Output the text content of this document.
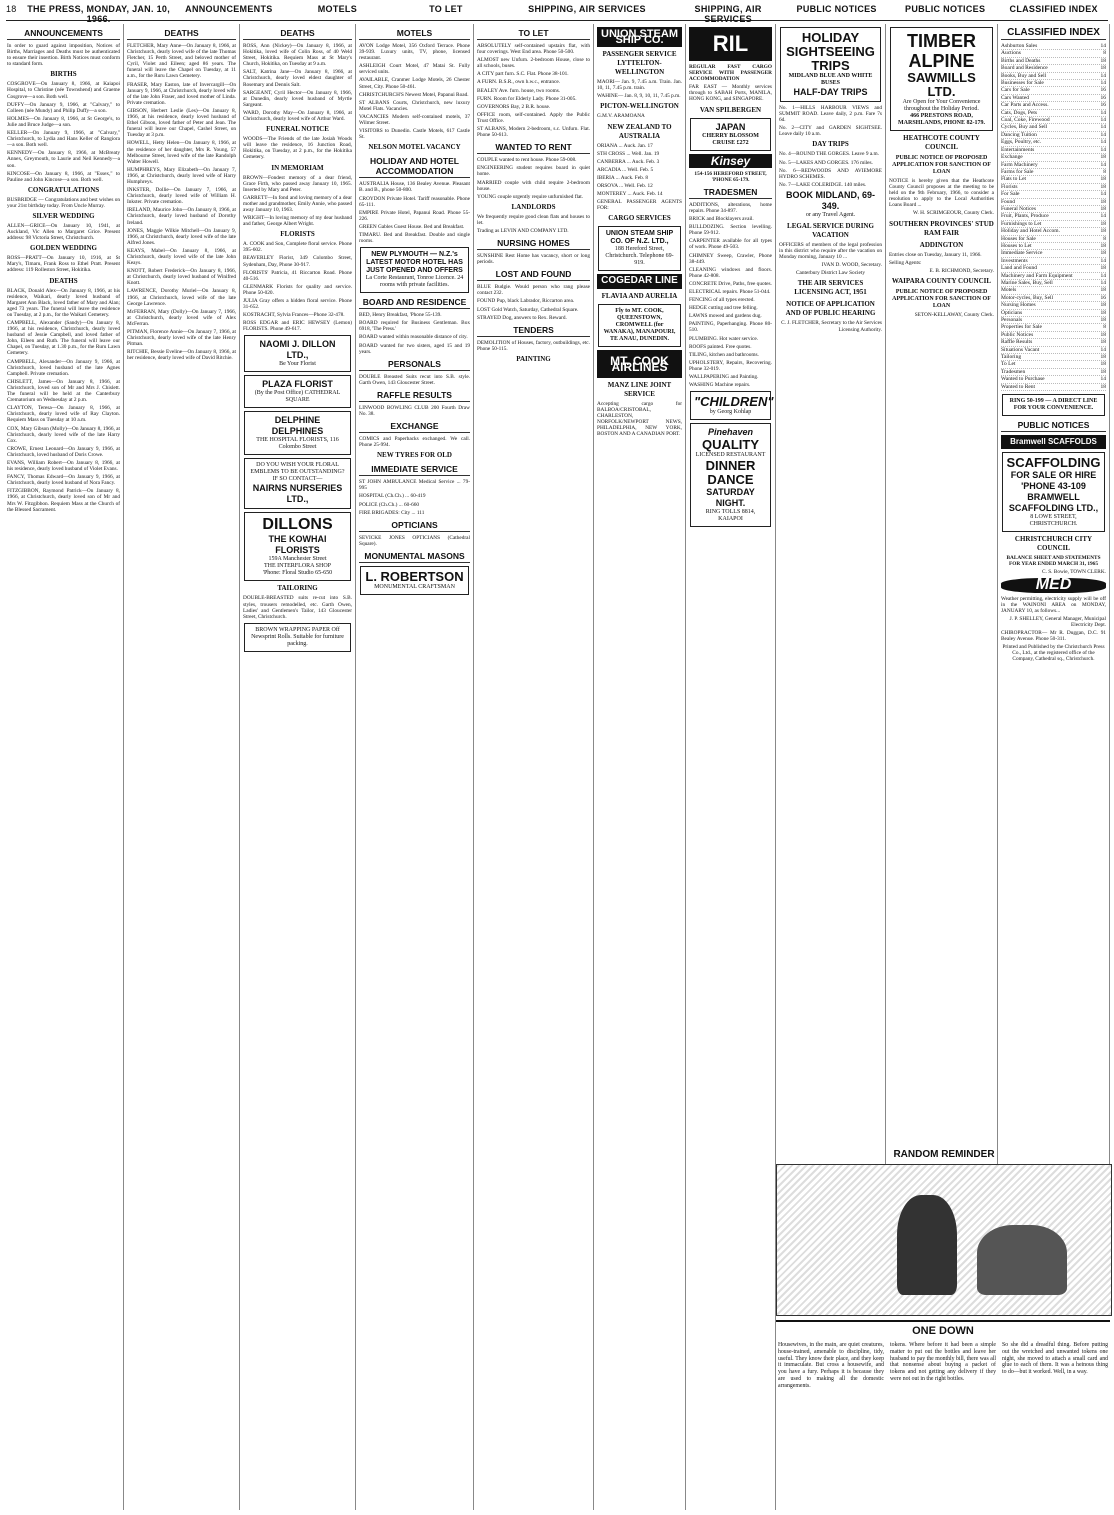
18	THE PRESS, MONDAY, JAN. 10, 1966.
ANNOUNCEMENTS	MOTELS	TO LET	SHIPPING, AIR SERVICES	SHIPPING, AIR SERVICES
PUBLIC NOTICES	PUBLIC NOTICES	CLASSIFIED INDEX
ANNOUNCEMENTS

In order to guard against imposition, Notices of Births, Marriages and Deaths must be authenticated to ensure their insertion. Birth Notices must conform to standard form.

BIRTHS

COSGROVE—On January 8, 1966, at Kaiapoi Hospital, to Christine (née Townshend) and Graeme Cosgrove—a son. Both well.

DUFFY—On January 9, 1966, at "Calvary," to Colleen (née Mundy) and Philip Duffy—a son.

HOLMES—On January 8, 1966, at St George's, to Julie and Bruce Judge—a son.

KELLER—On January 9, 1966, at "Calvary," Christchurch, to Lydia and Hans Keller of Rangiora—a son. Both well.

KENNEDY—On January 8, 1966, at McBreaty Annex, Greymouth, to Laurie and Neil Kennedy—a son.

KINCOSE—On January 8, 1966, at "Essex," to Pauline and John Kincose—a son. Both well.

CONGRATULATIONS

BUSBRIDGE — Congratulations and best wishes on your 21st birthday today. From Uncle Murray.

SILVER WEDDING

ALLEN—GRICE—On January 10, 1941, at Auckland, Vic Allen to Margaret Grice. Present address: 98 Victoria Street, Christchurch.

GOLDEN WEDDING

ROSS—PRATT—On January 10, 1916, at St Mary's, Timaru, Frank Ross to Ethel Pratt. Present address: 119 Rolleston Street, Hokitika.

DEATHS

BLACK, Donald Alex—On January 8, 1966, at his residence, Waikari, dearly loved husband of Margaret Ann Black, loved father of Mary and Alan; aged 73 years. The funeral will leave the residence on Tuesday, at 2 p.m., for the Waikari Cemetery.

CAMPBELL, Alexander (Sandy)—On January 8, 1966, at his residence, Christchurch, dearly loved husband of Jessie Campbell, and loved father of John, Eileen and Ruth. The funeral will leave our Chapel, on Tuesday, at 1.30 p.m., for the Ruru Lawn Cemetery.

CAMPBELL, Alexander—On January 9, 1966, at Christchurch, loved husband of the late Agnes Campbell. Private cremation.

CHISLETT, James—On January 8, 1966, at Christchurch, loved son of Mr and Mrs J. Chislett. The funeral will be held at the Canterbury Crematorium on Wednesday at 2 p.m.

CLAYTON, Teresa—On January 8, 1966, at Christchurch, dearly loved wife of Ray Clayton. Requiem Mass on Tuesday at 10 a.m.

COX, Mary Gibson (Molly)—On January 8, 1966, at Christchurch, dearly loved wife of the late Harry Cox.

CROWE, Ernest Leonard—On January 9, 1966, at Christchurch, loved husband of Doris Crowe.

EVANS, William Robert—On January 8, 1966, at his residence, dearly loved husband of Violet Evans.

FANCY, Thomas Edward—On January 9, 1966, at Christchurch, dearly loved husband of Nora Fancy.

FITZGIBBON, Raymond Patrick—On January 8, 1966, at Christchurch, dearly loved son of Mr and Mrs W. Fitzgibbon. Requiem Mass at the Church of the Blessed Sacrament.

DEATHS

FLETCHER, Mary Anne—On January 8, 1966, at Christchurch, dearly loved wife of the late Thomas Fletcher, 15 Perth Street, and beloved mother of Cyril, Violet and Eileen; aged 86 years. The funeral will leave the Chapel on Tuesday, at 11 a.m., for the Ruru Lawn Cemetery.

FRASER, Mary Easton, late of Invercargill—On January 9, 1966, at Christchurch, dearly loved wife of the late John Fraser, and loved mother of Linda. Private cremation.

GIBSON, Herbert Leslie (Les)—On January 8, 1966, at his residence, dearly loved husband of Ethel Gibson, loved father of Peter and Jean. The funeral will leave our Chapel, Cashel Street, on Tuesday at 3 p.m.

HOWELL, Hetty Helen—On January 8, 1966, at the residence of her daughter, Mrs R. Young, 57 Melbourne Street, loved wife of the late Randolph Walter Howell.

HUMPHREYS, Mary Elizabeth—On January 7, 1966, at Christchurch, dearly loved wife of Harry Humphreys.

INKSTER, Dollie—On January 7, 1966, at Christchurch, dearly loved wife of William H. Inkster. Private cremation.

IRELAND, Maurice John—On January 8, 1966, at Christchurch, dearly loved husband of Dorothy Ireland.

JONES, Maggie Wilkie Mitchell—On January 9, 1966, at Christchurch, dearly loved wife of the late Alfred Jones.

KEAYS, Mabel—On January 8, 1966, at Christchurch, dearly loved wife of the late John Keays.

KNOTT, Robert Frederick—On January 8, 1966, at Christchurch, dearly loved husband of Winifred Knott.

LAWRENCE, Dorothy Muriel—On January 8, 1966, at Christchurch, loved wife of the late George Lawrence.

McFERRAN, Mary (Dolly)—On January 7, 1966, at Christchurch, dearly loved wife of Alex McFerran.

PITMAN, Florence Annie—On January 7, 1966, at Christchurch, dearly loved wife of the late Henry Pitman.

RITCHIE, Bessie Eveline—On January 8, 1966, at her residence, dearly loved wife of David Ritchie.

DEATHS

ROSS, Ann (Nickey)—On January 8, 1966, at Hokitika, loved wife of Colin Ross, of 40 Weld Street, Hokitika. Requiem Mass at St Mary's Church, Hokitika, on Tuesday at 9 a.m.

SALT, Katrina Jane—On January 8, 1966, at Christchurch, dearly loved eldest daughter of Rosemary and Dennis Salt.

SARGEANT, Cyril Hector—On January 8, 1966, at Dunedin, dearly loved husband of Myrtle Sargeant.

WARD, Dorothy May—On January 8, 1966, at Christchurch, dearly loved wife of Arthur Ward.

FUNERAL NOTICE

WOODS—The Friends of the late Josiah Woods will leave the residence, 16 Junction Road, Hokitika, on Tuesday, at 2 p.m., for the Hokitika Cemetery.

IN MEMORIAM

BROWN—Fondest memory of a dear friend, Grace Firth, who passed away January 10, 1965. Inserted by Mary and Peter.

GARRETT—In fond and loving memory of a dear mother and grandmother, Emily Annie, who passed away January 10, 1963.

WRIGHT—In loving memory of my dear husband and father, George Albert Wright.

FLORISTS

A. COOK and Son, Complete floral service. Phone 395-602.

BEAVERLEY Florist, 349 Colombo Street, Sydenham, Day, Phone 30-917.

FLORISTS' Patricia, 41 Riccarton Road. Phone 40-516.

GLENMARK Florists for quality and service. Phone 50-020.

JULIA Gray offers a hidden floral service. Phone 31-652.

KOSTRACHT, Sylvia Frances—Phone 32-478.

ROSS EDGAR and ERIC HEWSEY (Lemon) FLORISTS. Phone 49-617.

NAOMI J. DILLON LTD.,
Be Your Florist
PLAZA FLORIST
(By the Post Office) CATHEDRAL SQUARE
DELPHINE DELPHINES
THE HOSPITAL FLORISTS, 116 Colombo Street
DO YOU WISH YOUR FLORAL EMBLEMS TO BE OUTSTANDING? IF SO CONTACT—
NAIRNS NURSERIES LTD.,
DILLONS
THE KOWHAI FLORISTS
159A Manchester Street
THE INTERFLORA SHOP
'Phone: Floral Studio 65-650
TAILORING

DOUBLE-BREASTED suits re-cut into S.B. styles, trousers remodelled, etc. Garth Owen, Ladies' and Gentlemen's Tailor, 143 Gloucester Street, Christchurch.

BROWN WRAPPING PAPER Off Newsprint Rolls. Suitable for furniture packing.
MOTELS

AVON Lodge Motel, 356 Oxford Terrace. Phone 39-939. Luxury units, TV, phone, licensed restaurant.

ASHLEIGH Court Motel, 47 Matai St. Fully serviced units.

AVAILABLE, Cranmer Lodge Motels, 26 Chester Street, City. Phone 50-461.

CHRISTCHURCH'S Newest Motel, Papanui Road.

ST ALBANS Courts, Christchurch, new luxury Motel Flats. Vacancies.

VACANCIES Modern self-contained motels, 37 Wilmer Street.

VISITORS to Dunedin. Castle Motels, 617 Castle St.

NELSON MOTEL VACANCY
HOLIDAY AND HOTEL ACCOMMODATION

AUSTRALIA House, 136 Bealey Avenue. Pleasant B. and B., phone 50-800.

CROYDON Private Hotel. Tariff reasonable. Phone 65-111.

EMPIRE Private Hotel, Papanui Road. Phone 55-226.

GREEN Gables Guest House. Bed and Breakfast.

TIMARU. Bed and Breakfast. Double and single rooms.

NEW PLYMOUTH — N.Z.'s LATEST MOTOR HOTEL HAS JUST OPENED AND OFFERS
La Corte Restaurant, Tonroe Licence. 24 rooms with private facilities.
BOARD AND RESIDENCE

BED, Henry Breakfast, 'Phone 55-139.

BOARD required for Business Gentleman. Box 6918, 'The Press.'

BOARD wanted within reasonable distance of city.

BOARD wanted for two sisters, aged 15 and 19 years.

PERSONALS

DOUBLE Breasted Suits recut into S.B. style. Garth Owen, 143 Gloucester Street.

RAFFLE RESULTS

LINWOOD BOWLING CLUB 200 Fourth Draw No. 38.

EXCHANGE

COMICS and Paperbacks exchanged. We call. Phone 25-994.

NEW TYRES FOR OLD
IMMEDIATE SERVICE

ST JOHN AMBULANCE Medical Service ... 79-995

HOSPITAL (Ch.Ch.) ... 60-419

POLICE (Ch.Ch.) ... 60-660

FIRE BRIGADES: City ... 111

OPTICIANS

SEVICKE JONES OPTICIANS (Cathedral Square).

MONUMENTAL MASONS
L. ROBERTSON
MONUMENTAL CRAFTSMAN
TO LET

ABSOLUTELY self-contained upstairs flat, with four coverings. West End area. Phone 50-500.

ALMOST new Unfurn. 2-bedroom House, close to all schools, buses.

A CITY part furn. S.C. Flat. Phone 38-101.

A FURN. B.S.R., own h.w.c., entrance.

BEALEY Ave. furn. house, two rooms.

FURN. Room for Elderly Lady. Phone 31-005.

GOVERNORS Bay, 2 B.R. house.

OFFICE room, self-contained. Apply the Public Trust Office.

ST ALBANS, Modern 2-bedroom, s.c. Unfurn. Flat. Phone 50-613.

WANTED TO RENT

COUPLE wanted to rent house. Phone 59-008.

ENGINEERING student requires board in quiet home.

MARRIED couple with child require 2-bedroom house.

YOUNG couple urgently require unfurnished flat.

LANDLORDS

We frequently require good clean flats and houses to let.

Trading as LEVIN AND COMPANY LTD.

NURSING HOMES

SUNSHINE Rest Home has vacancy, short or long periods.

LOST AND FOUND

BLUE Budgie. Would person who rang please contact 232.

FOUND Pup, black Labrador, Riccarton area.

LOST Gold Watch, Saturday, Cathedral Square.

STRAYED Dog, answers to Rex. Reward.

TENDERS

DEMOLITION of Houses, factory, outbuildings, etc. Phone 50-115.

PAINTING
UNION STEAM SHIP CO.
PASSENGER SERVICE LYTTELTON-WELLINGTON

MAORI— Jan. 9, 7.45 a.m. Train. Jan. 10, 11, 7.45 p.m. train.

WAHINE— Jan. 8, 9, 10, 11, 7.45 p.m.

PICTON-WELLINGTON

G.M.V. ARAMOANA

NEW ZEALAND TO AUSTRALIA

ORIANA ... Auck. Jan. 17

STH CROSS ... Well. Jan. 19

CANBERRA ... Auck. Feb. 3

ARCADIA ... Well. Feb. 5

IBERIA ... Auck. Feb. 8

ORSOVA ... Well. Feb. 12

MONTEREY ... Auck. Feb. 14

GENERAL PASSENGER AGENTS FOR:

CARGO SERVICES
UNION STEAM SHIP CO. OF N.Z. LTD.,
188 Hereford Street, Christchurch. Telephone 69-919.
COGEDAR LINE
FLAVIA AND AURELIA
Fly to MT. COOK, QUEENSTOWN, CROMWELL (for WANAKA), MANAPOURI, TE ANAU, DUNEDIN.
MT. COOK AIRLINES
MANZ LINE JOINT SERVICE

Accepting cargo for BALBOA/CRISTOBAL, CHARLESTON, NORFOLK/NEWPORT NEWS, PHILADELPHIA, NEW YORK, BOSTON AND A CANADIAN PORT.

RIL

REGULAR FAST CARGO SERVICE WITH PASSENGER ACCOMMODATION

FAR EAST — Monthly services through to SABAH Ports, MANILA, HONG KONG, and SINGAPORE.

VAN SPILBERGEN
JAPAN
CHERRY BLOSSOM CRUISE £272
Kinsey

154-156 HEREFORD STREET, 'PHONE 65-179.

TRADESMEN

ADDITIONS, alterations, home repairs. Phone 34-897.

BRICK and Blocklayers avail.

BULLDOZING. Section levelling. Phone 59-912.

CARPENTER available for all types of work. Phone 49-503.

CHIMNEY Sweep, Crawler, Phone 38-449.

CLEANING windows and floors. Phone 42-808.

CONCRETE Drive, Paths, free quotes.

ELECTRICAL repairs. Phone 51-044.

FENCING of all types erected.

HEDGE cutting and tree felling.

LAWNS mowed and gardens dug.

PAINTING, Paperhanging. Phone 80-510.

PLUMBING. Hot water service.

ROOFS painted. Free quotes.

TILING, kitchen and bathrooms.

UPHOLSTERY, Repairs, Recovering. Phone 32-019.

WALLPAPERING and Painting.

WASHING Machine repairs.

"CHILDREN"
by Georg Kohlap
Pinehaven
QUALITY
LICENSED RESTAURANT
DINNER DANCE
SATURDAY NIGHT.
RING TOLLS 8814, KAIAPOI
HOLIDAY SIGHTSEEING TRIPS
MIDLAND BLUE AND WHITE BUSES
HALF-DAY TRIPS

No. 1—HILLS HARBOUR VIEWS and SUMMIT ROAD. Leave daily, 2 p.m. Fare 7s 6d.

No. 2—CITY and GARDEN SIGHTSEE. Leave daily 10 a.m.

DAY TRIPS

No. 4—ROUND THE GORGES. Leave 9 a.m.

No. 5—LAKES AND GORGES. 176 miles.

No. 6—REDWOODS AND AVIEMORE HYDRO SCHEMES.

No. 7—LAKE COLERIDGE. 140 miles.

BOOK MIDLAND, 69-349.
or any Travel Agent.
LEGAL SERVICE DURING VACATION

OFFICERS of members of the legal profession in this district who require after the vacation on Monday morning, January 10 ...

IVAN D. WOOD, Secretary.

Canterbury District Law Society

THE AIR SERVICES LICENSING ACT, 1951
NOTICE OF APPLICATION AND OF PUBLIC HEARING

C. J. FLETCHER, Secretary to the Air Services Licensing Authority.

TIMBER
ALPINE
SAWMILLS LTD.
Are Open for Your Convenience throughout the Holiday Period.
466 PRESTONS ROAD, MARSHLANDS, PHONE 82-179.
HEATHCOTE COUNTY COUNCIL
PUBLIC NOTICE OF PROPOSED APPLICATION FOR SANCTION OF LOAN

NOTICE is hereby given that the Heathcote County Council proposes at the meeting to be held on the 9th February, 1966, to consider a resolution to apply to the Local Authorities Loans Board ...

W. H. SCRIMGEOUR, County Clerk.

SOUTHERN PROVINCES' STUD RAM FAIR
ADDINGTON

Entries close on Tuesday, January 11, 1966.

Selling Agents:

E. B. RICHMOND, Secretary.

WAIPARA COUNTY COUNCIL
PUBLIC NOTICE OF PROPOSED APPLICATION FOR SANCTION OF LOAN

SETON-KELLAWAY, County Clerk.

CLASSIFIED INDEX
Ashburton Sales	14
Auctions	8
Births and Deaths	18
Board and Residence	18
Books, Buy and Sell	14
Businesses for Sale	14
Cars for Sale	16
Cars Wanted	16
Car Parts and Access.	16
Cats, Dogs, Pets	14
Coal, Coke, Firewood	14
Cycles, Buy and Sell	14
Dancing Tuition	14
Eggs, Poultry, etc.	14
Entertainments	14
Exchange	18
Farm Machinery	14
Farms for Sale	8
Flats to Let	18
Florists	18
For Sale	14
Found	18
Funeral Notices	18
Fruit, Plants, Produce	14
Furnishings to Let	18
Holiday and Hotel Accom.	18
Houses for Sale	8
Houses to Let	18
Immediate Service	18
Investments	14
Land and Found	18
Machinery and Farm Equipment	14
Marine Sales, Buy, Sell	14
Motels	18
Motor-cycles, Buy, Sell	16
Nursing Homes	18
Opticians	18
Personals	18
Properties for Sale	8
Public Notices	18
Raffle Results	18
Situations Vacant	14
Tailoring	18
To Let	18
Tradesmen	18
Wanted to Purchase	14
Wanted to Rent	18
RING 50-199 — A DIRECT LINE FOR YOUR CONVENIENCE.
PUBLIC NOTICES
Bramwell SCAFFOLDS
SCAFFOLDING
FOR SALE OR HIRE
'PHONE 43-109
BRAMWELL SCAFFOLDING LTD.,
8 LOWE STREET, CHRISTCHURCH.
CHRISTCHURCH CITY COUNCIL

BALANCE SHEET AND STATEMENTS FOR YEAR ENDED MARCH 31, 1965

C. S. Bowie, TOWN CLERK.

MED

Weather permitting, electricity supply will be off in the WAINONI AREA on MONDAY, JANUARY 10, as follows...

J. P. SHELLEY, General Manager, Municipal Electricity Dept.

CHIROPRACTOR— Mr R. Duggan, D.C. 91 Bealey Avenue. Phone 50-311.

Printed and Published by the Christchurch Press Co., Ltd., at the registered office of the Company, Cathedral sq., Christchurch.

RANDOM REMINDER
ONE DOWN
Housewives, in the main, are quiet creatures, house-trained, amenable to discipline, tidy, useful. They know their place, and they keep it immaculate. But cross a housewife, and you have a fury. Perhaps it is because they are used to making all the domestic arrangements.
tokens. Where before it had been a simple matter to put out the bottles and leave her husband to pay the monthly bill, there was all that nonsense about buying a packet of tokens and not getting any delivery if they were not out in the right bottles.
So she did a dreadful thing. Before putting out the wretched and unwanted tokens one night, she moved to attach a small card and glue to each of them. It was a heinous thing to do—but it worked. Well, in a way.
